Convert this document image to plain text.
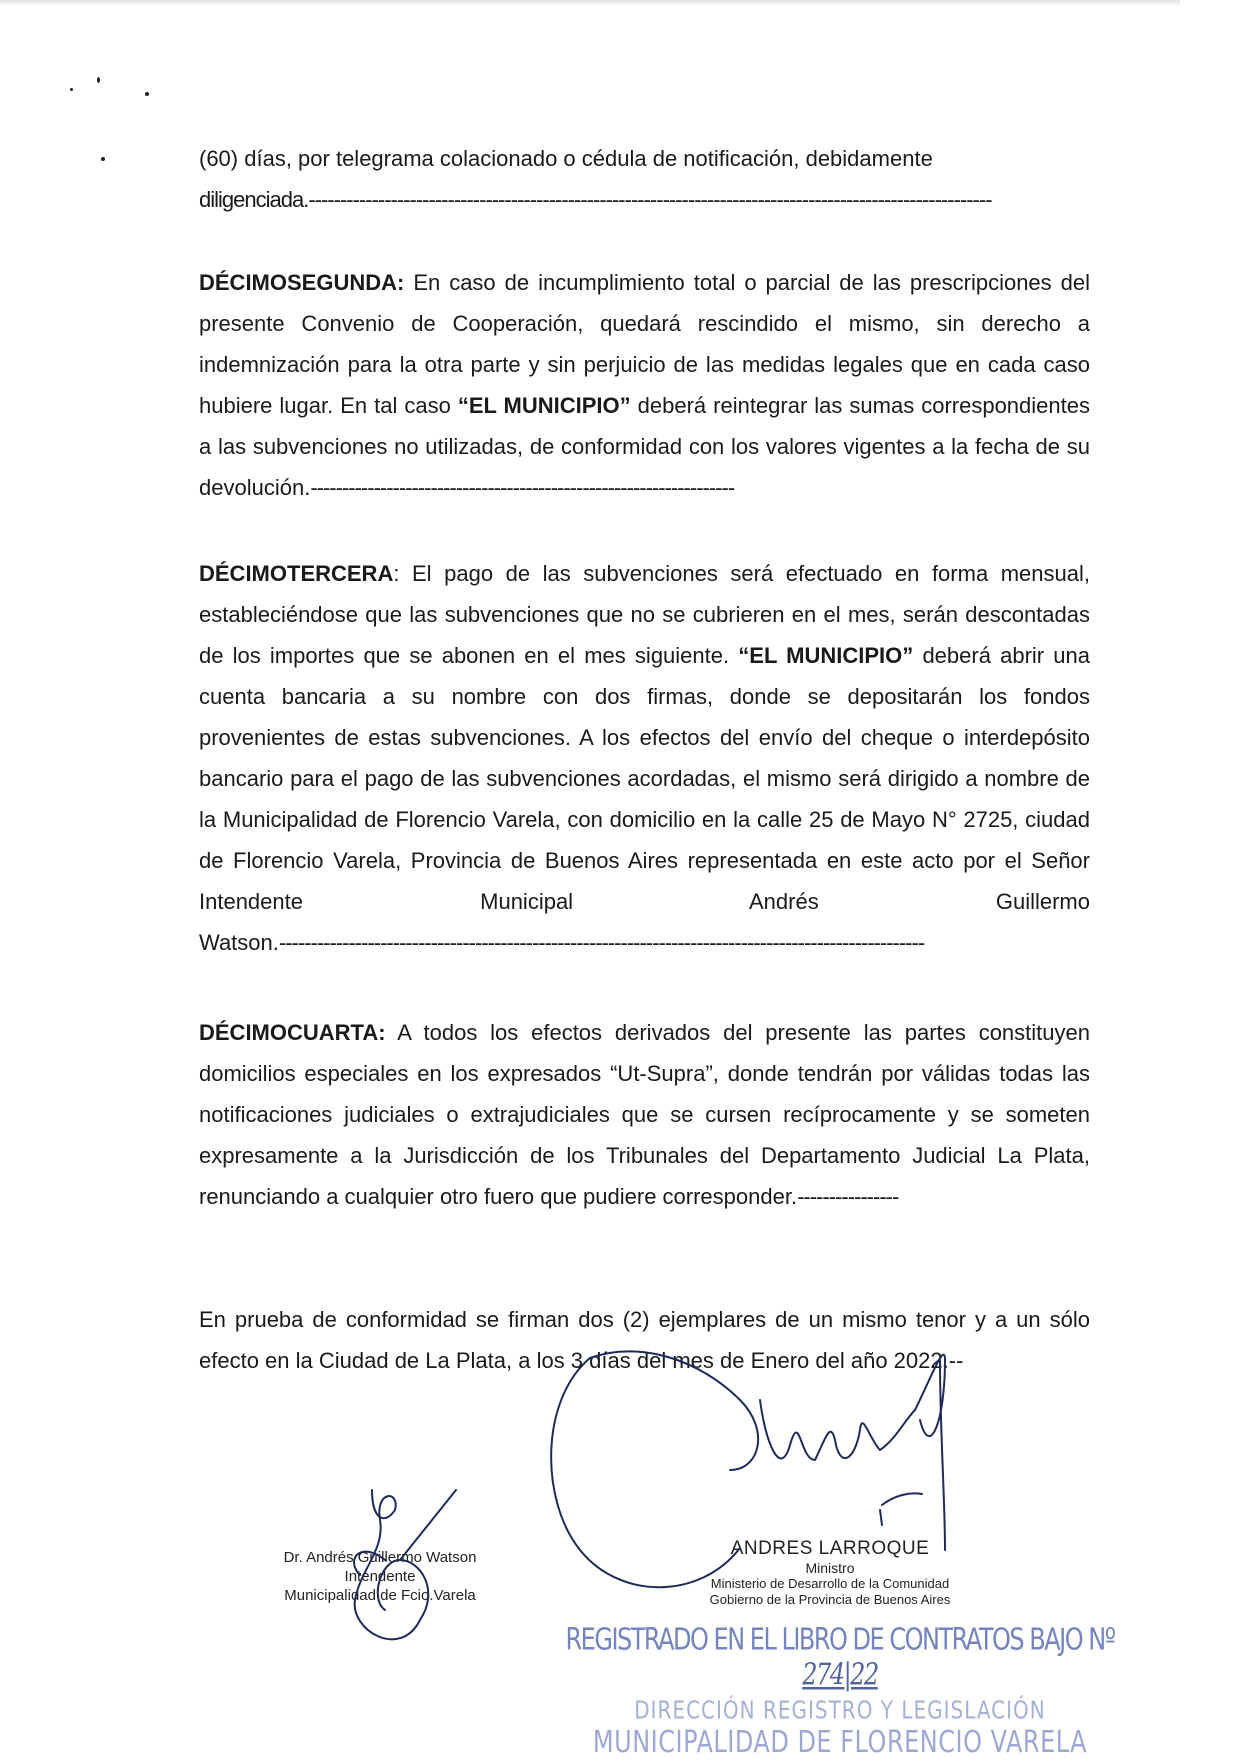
(60) días, por telegrama colacionado o cédula de notificación, debidamente

diligenciada.------------------------------------------------------------------------------------------------------------

DÉCIMOSEGUNDA: En caso de incumplimiento total o parcial de las prescripciones del presente Convenio de Cooperación, quedará rescindido el mismo, sin derecho a indemnización para la otra parte y sin perjuicio de las medidas legales que en cada caso hubiere lugar. En tal caso “EL MUNICIPIO” deberá reintegrar las sumas correspondientes a las subvenciones no utilizadas, de conformidad con los valores vigentes a la fecha de su devolución.-------------------------------------------------------------------

DÉCIMOTERCERA: El pago de las subvenciones será efectuado en forma mensual, estableciéndose que las subvenciones que no se cubrieren en el mes, serán descontadas de los importes que se abonen en el mes siguiente. “EL MUNICIPIO” deberá abrir una cuenta bancaria a su nombre con dos firmas, donde se depositarán los fondos provenientes de estas subvenciones. A los efectos del envío del cheque o interdepósito bancario para el pago de las subvenciones acordadas, el mismo será dirigido a nombre de la Municipalidad de Florencio Varela, con domicilio en la calle 25 de Mayo N° 2725, ciudad de Florencio Varela, Provincia de Buenos Aires representada en este acto por el Señor Intendente Municipal Andrés Guillermo Watson.------------------------------------------------------------------------------------------------------

DÉCIMOCUARTA: A todos los efectos derivados del presente las partes constituyen domicilios especiales en los expresados “Ut-Supra”, donde tendrán por válidas todas las notificaciones judiciales o extrajudiciales que se cursen recíprocamente y se someten expresamente a la Jurisdicción de los Tribunales del Departamento Judicial La Plata, renunciando a cualquier otro fuero que pudiere corresponder.----------------

En prueba de conformidad se firman dos (2) ejemplares de un mismo tenor y a un sólo efecto en la Ciudad de La Plata, a los 3 días del mes de Enero del año 2022.--

Dr. Andrés Guillermo Watson
Intendente
Municipalidad de Fcio.Varela
ANDRES LARROQUE
Ministro
Ministerio de Desarrollo de la Comunidad
Gobierno de la Provincia de Buenos Aires
REGISTRADO EN EL LIBRO DE CONTRATOS BAJO Nº 274|22
DIRECCIÓN REGISTRO Y LEGISLACIÓN
MUNICIPALIDAD DE FLORENCIO VARELA
